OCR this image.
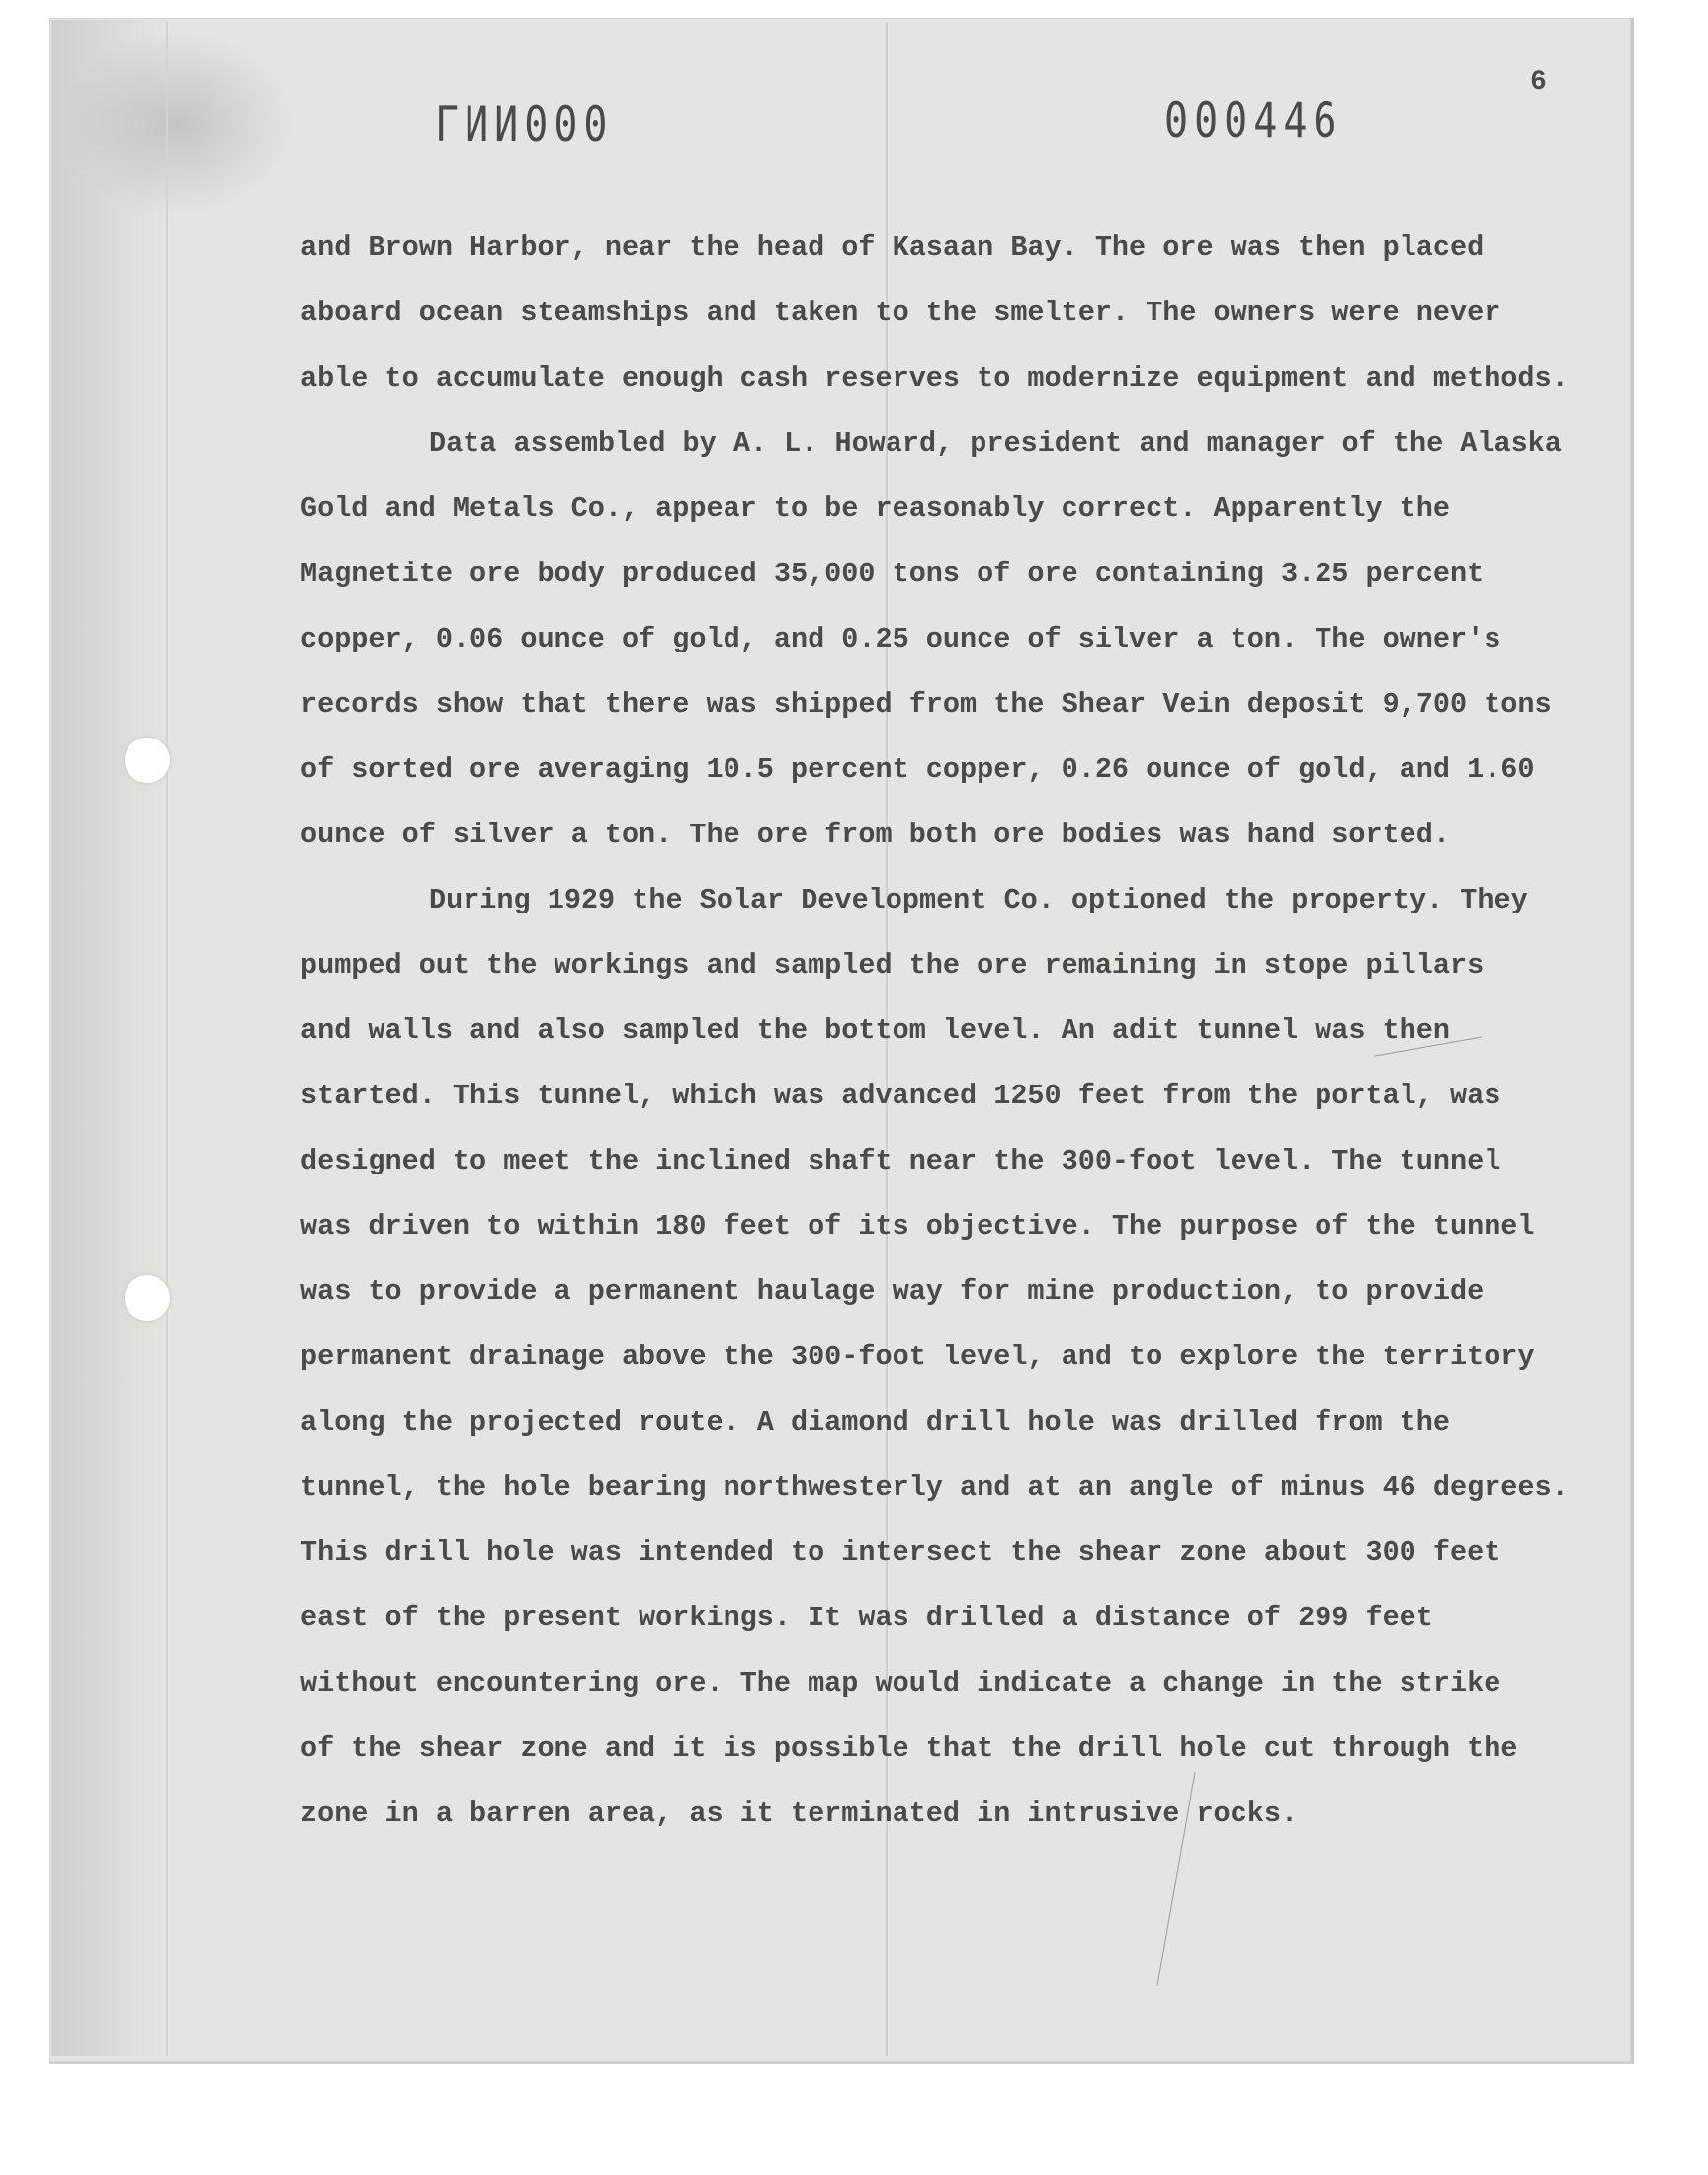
ГИИ000	000446
6
and Brown Harbor, near the head of Kasaan Bay. The ore was then placed
aboard ocean steamships and taken to the smelter. The owners were never
able to accumulate enough cash reserves to modernize equipment and methods.
Data assembled by A. L. Howard, president and manager of the Alaska
Gold and Metals Co., appear to be reasonably correct. Apparently the
Magnetite ore body produced 35,000 tons of ore containing 3.25 percent
copper, 0.06 ounce of gold, and 0.25 ounce of silver a ton. The owner's
records show that there was shipped from the Shear Vein deposit 9,700 tons
of sorted ore averaging 10.5 percent copper, 0.26 ounce of gold, and 1.60
ounce of silver a ton. The ore from both ore bodies was hand sorted.
During 1929 the Solar Development Co. optioned the property. They
pumped out the workings and sampled the ore remaining in stope pillars
and walls and also sampled the bottom level. An adit tunnel was then
started. This tunnel, which was advanced 1250 feet from the portal, was
designed to meet the inclined shaft near the 300-foot level. The tunnel
was driven to within 180 feet of its objective. The purpose of the tunnel
was to provide a permanent haulage way for mine production, to provide
permanent drainage above the 300-foot level, and to explore the territory
along the projected route. A diamond drill hole was drilled from the
tunnel, the hole bearing northwesterly and at an angle of minus 46 degrees.
This drill hole was intended to intersect the shear zone about 300 feet
east of the present workings. It was drilled a distance of 299 feet
without encountering ore. The map would indicate a change in the strike
of the shear zone and it is possible that the drill hole cut through the
zone in a barren area, as it terminated in intrusive rocks.
